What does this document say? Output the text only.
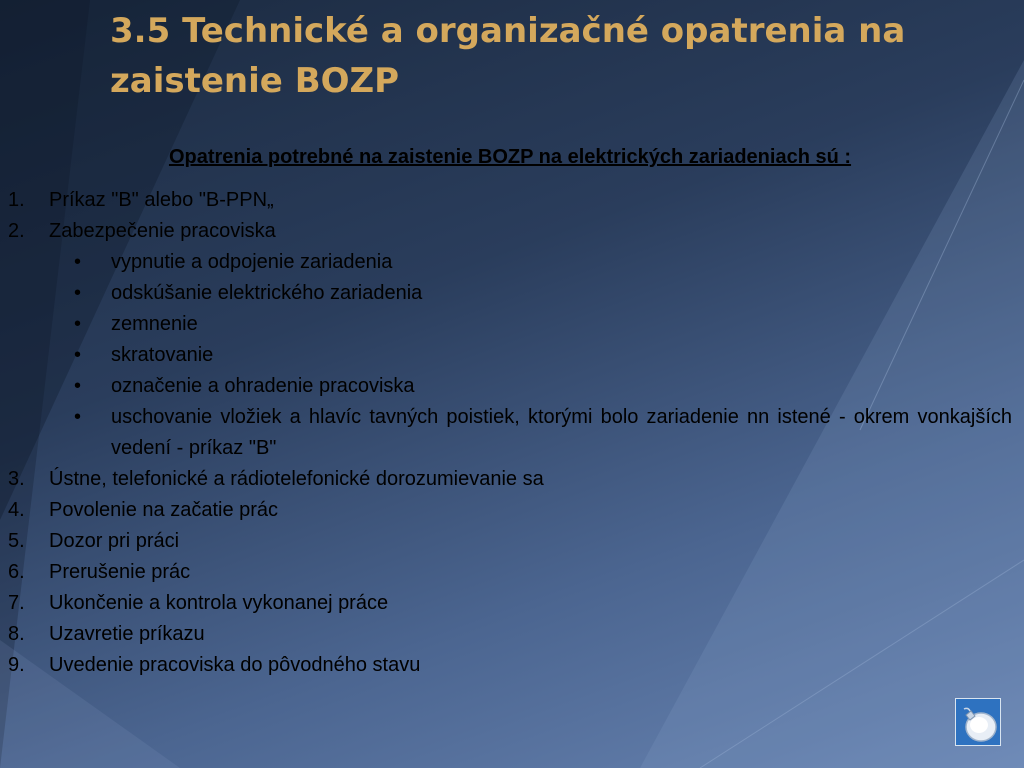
3.5 Technické a organizačné opatrenia na zaistenie BOZP

Opatrenia potrebné na zaistenie BOZP na elektrických zariadeniach sú :

1. Príkaz "B" alebo "B-PPN„
2. Zabezpečenie pracoviska
• vypnutie a odpojenie zariadenia
• odskúšanie elektrického zariadenia
• zemnenie
• skratovanie
• označenie a ohradenie pracoviska
• uschovanie vložiek a hlavíc tavných poistiek, ktorými bolo zariadenie nn istené - okrem vonkajších vedení - príkaz "B"
3. Ústne, telefonické a rádiotelefonické dorozumievanie sa
4. Povolenie na začatie prác
5. Dozor pri práci
6. Prerušenie prác
7. Ukončenie a kontrola vykonanej práce
8. Uzavretie príkazu
9. Uvedenie pracoviska do pôvodného stavu
